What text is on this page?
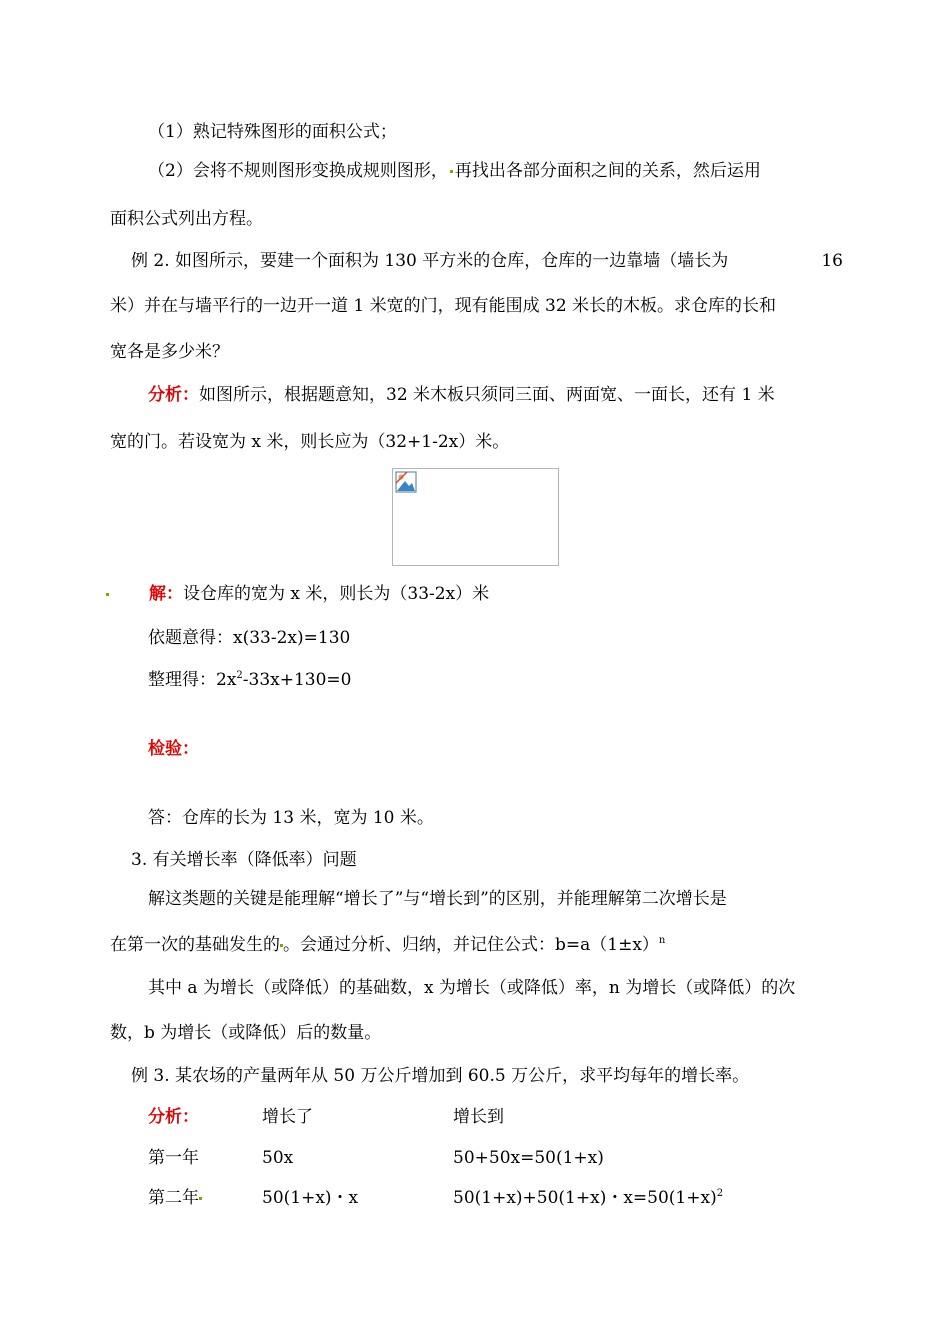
（1）熟记特殊图形的面积公式；
（2）会将不规则图形变换成规则图形， 再找出各部分面积之间的关系，然后运用
面积公式列出方程。
例 2. 如图所示，要建一个面积为 130 平方米的仓库，仓库的一边靠墙（墙长为	16
米）并在与墙平行的一边开一道 1 米宽的门，现有能围成 32 米长的木板。求仓库的长和
宽各是多少米？
分析：如图所示，根据题意知，32 米木板只须同三面、两面宽、一面长，还有 1 米
宽的门。若设宽为 x 米，则长应为（32+1-2x）米。
解：设仓库的宽为 x 米，则长为（33-2x）米
依题意得：x(33-2x)=130
整理得：$2x^2-33x+130=0$
检验：
答：仓库的长为 13 米，宽为 10 米。
3. 有关增长率（降低率）问题
解这类题的关键是能理解“增长了”与“增长到”的区别，并能理解第二次增长是
在第一次的基础发生的 。会通过分析、归纳，并记住公式：$b=a(1\pm x)^n$
其中 a 为增长（或降低）的基础数，x 为增长（或降低）率，n 为增长（或降低）的次
数，b 为增长（或降低）后的数量。
例 3. 某农场的产量两年从 50 万公斤增加到 60.5 万公斤，求平均每年的增长率。
分析：	增长了	增长到
第一年	50x	50+50x=50(1+x)
第二年	50(1+x)・x	50(1+x)+50(1+x)・$x=50(1+x)^2$
